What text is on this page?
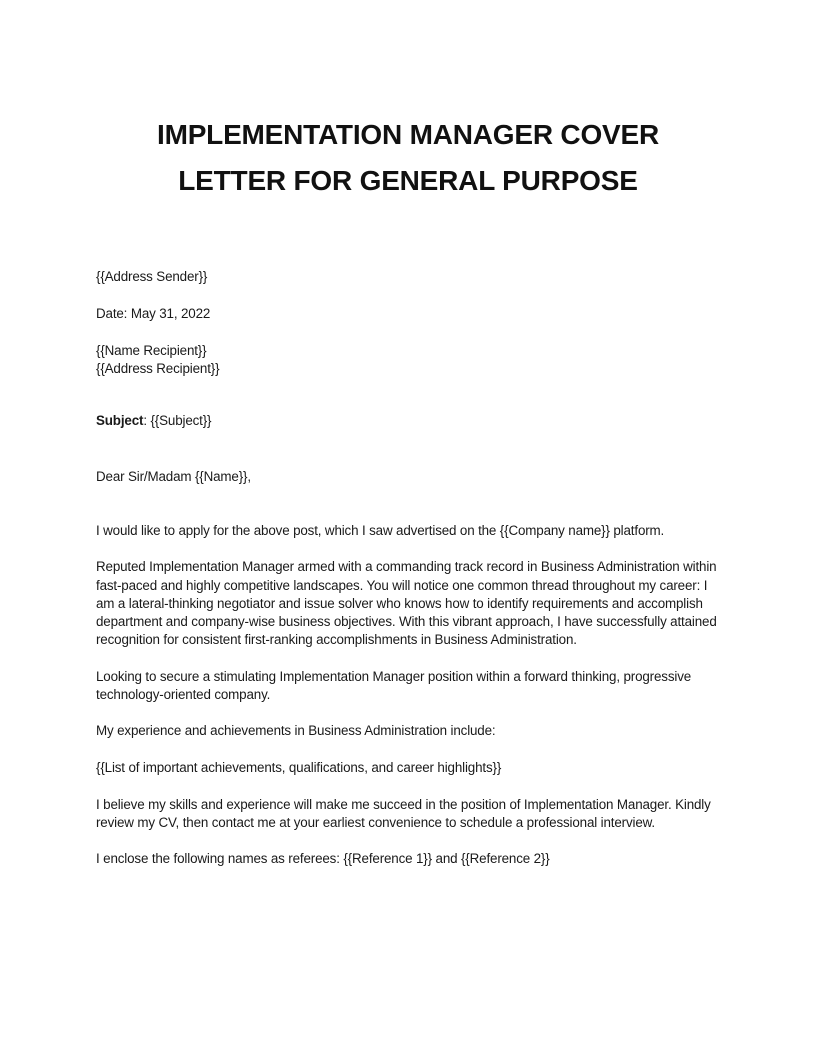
IMPLEMENTATION MANAGER COVER
LETTER FOR GENERAL PURPOSE

{{Address Sender}}

Date: May 31, 2022

{{Name Recipient}}

{{Address Recipient}}

Subject: {{Subject}}

Dear Sir/Madam {{Name}},

I would like to apply for the above post, which I saw advertised on the {{Company name}} platform.

Reputed Implementation Manager armed with a commanding track record in Business Administration within fast-paced and highly competitive landscapes. You will notice one common thread throughout my career: I am a lateral-thinking negotiator and issue solver who knows how to identify requirements and accomplish department and company-wise business objectives. With this vibrant approach, I have successfully attained recognition for consistent first-ranking accomplishments in Business Administration.

Looking to secure a stimulating Implementation Manager position within a forward thinking, progressive technology-oriented company.

My experience and achievements in Business Administration include:

{{List of important achievements, qualifications, and career highlights}}

I believe my skills and experience will make me succeed in the position of Implementation Manager. Kindly review my CV, then contact me at your earliest convenience to schedule a professional interview.

I enclose the following names as referees: {{Reference 1}} and {{Reference 2}}
